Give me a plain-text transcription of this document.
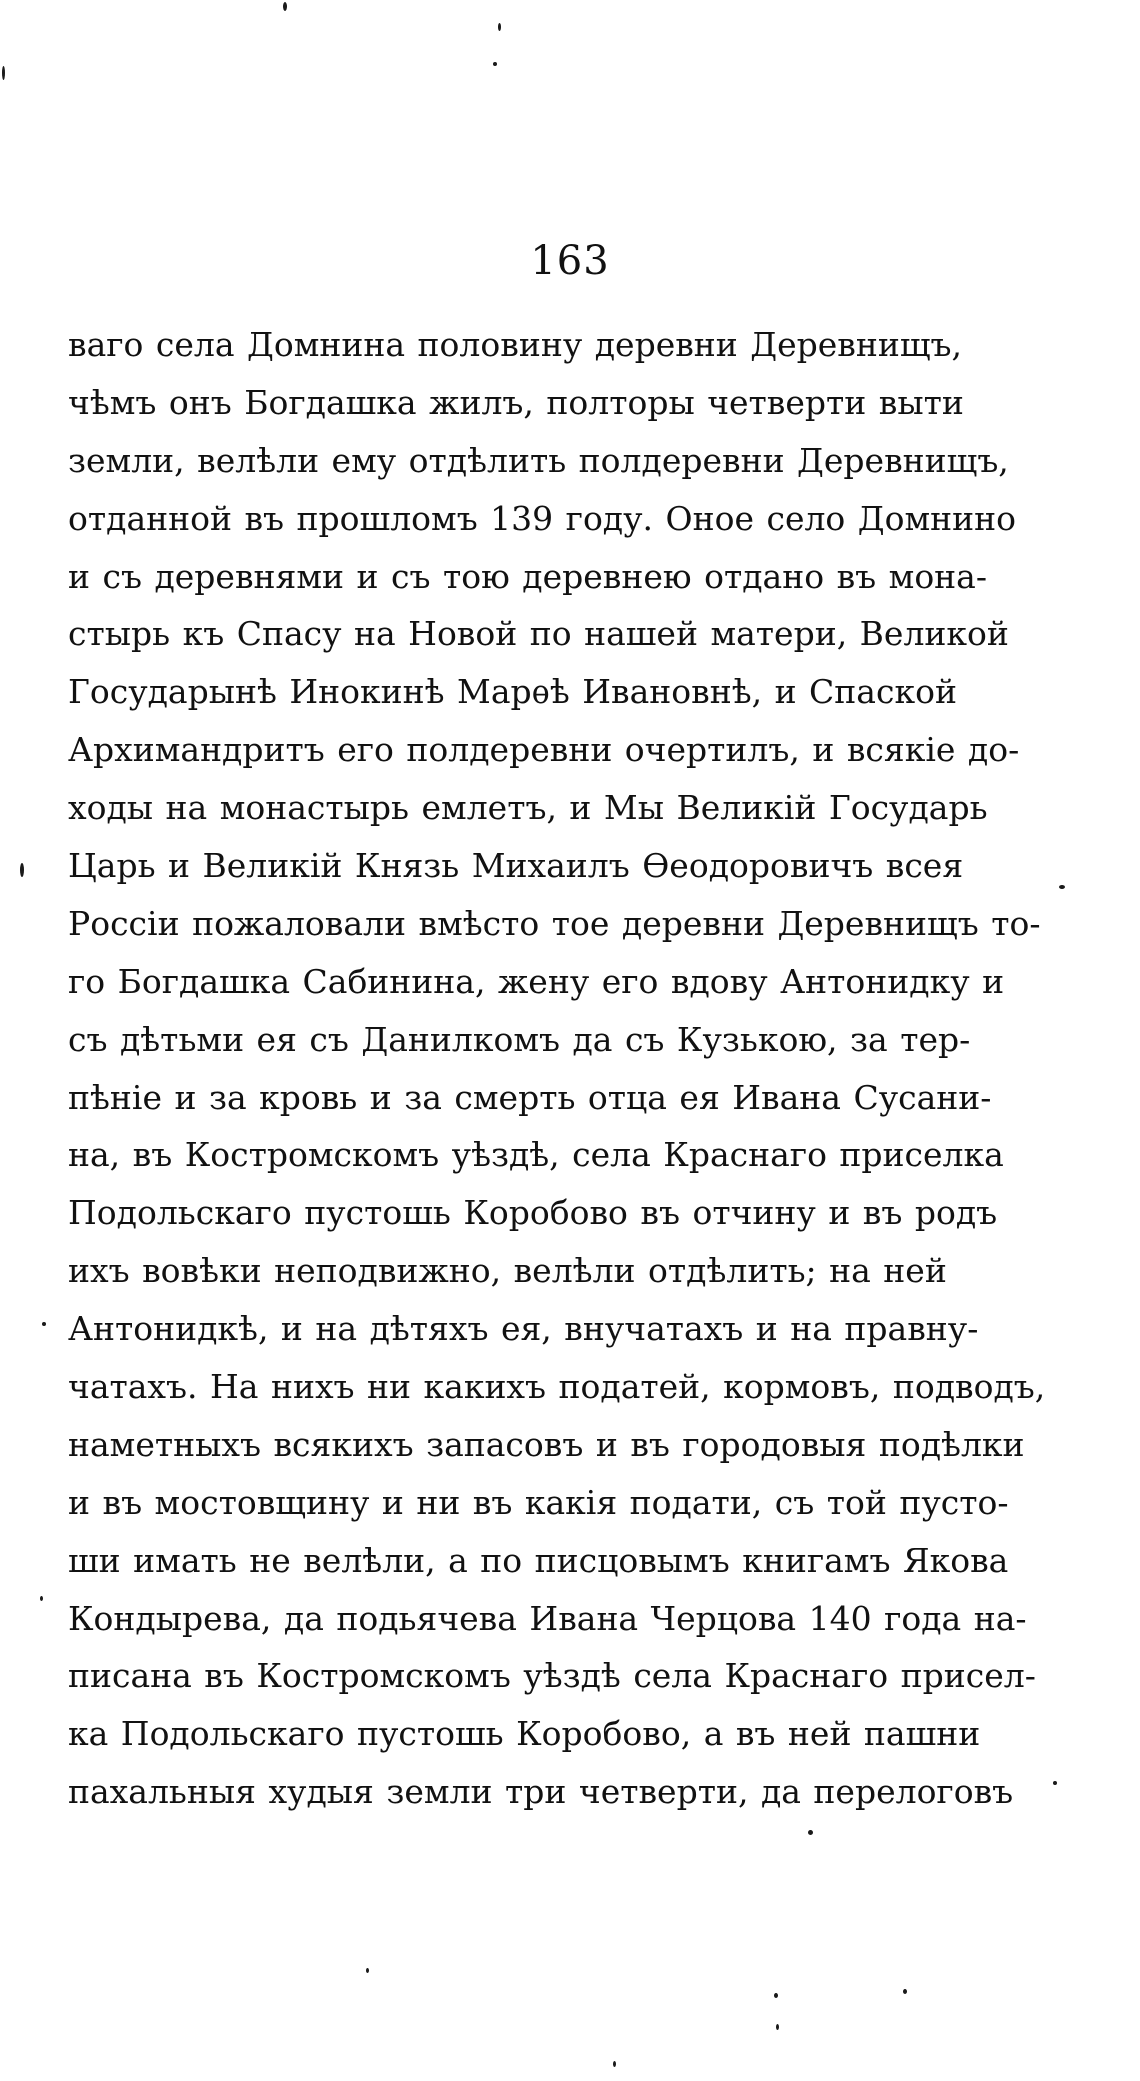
163
ваго села Домнина половину деревни Деревнищъ,
чѣмъ онъ Богдашка жилъ, полторы четверти выти
земли, велѣли ему отдѣлить полдеревни Деревнищъ,
отданной въ прошломъ 139 году. Оное село Домнино
и съ деревнями и съ тою деревнею отдано въ мона-
стырь къ Спасу на Новой по нашей матери, Великой
Государынѣ Инокинѣ Марѳѣ Ивановнѣ, и Спаской
Архимандритъ его полдеревни очертилъ, и всякіе до-
ходы на монастырь емлетъ, и Мы Великій Государь
Царь и Великій Князь Михаилъ Ѳеодоровичъ всея
Россіи пожаловали вмѣсто тое деревни Деревнищъ то-
го Богдашка Сабинина, жену его вдову Антонидку и
съ дѣтьми ея съ Данилкомъ да съ Кузькою, за тер-
пѣніе и за кровь и за смерть отца ея Ивана Сусани-
на, въ Костромскомъ уѣздѣ, села Краснаго приселка
Подольскаго пустошь Коробово въ отчину и въ родъ
ихъ вовѣки неподвижно, велѣли отдѣлить; на ней
Антонидкѣ, и на дѣтяхъ ея, внучатахъ и на правну-
чатахъ. На нихъ ни какихъ податей, кормовъ, подводъ,
наметныхъ всякихъ запасовъ и въ городовыя подѣлки
и въ мостовщину и ни въ какія подати, съ той пусто-
ши имать не велѣли, а по писцовымъ книгамъ Якова
Кондырева, да подьячева Ивана Черцова 140 года на-
писана въ Костромскомъ уѣздѣ села Краснаго присел-
ка Подольскаго пустошь Коробово, а въ ней пашни
пахальныя худыя земли три четверти, да перелоговъ
